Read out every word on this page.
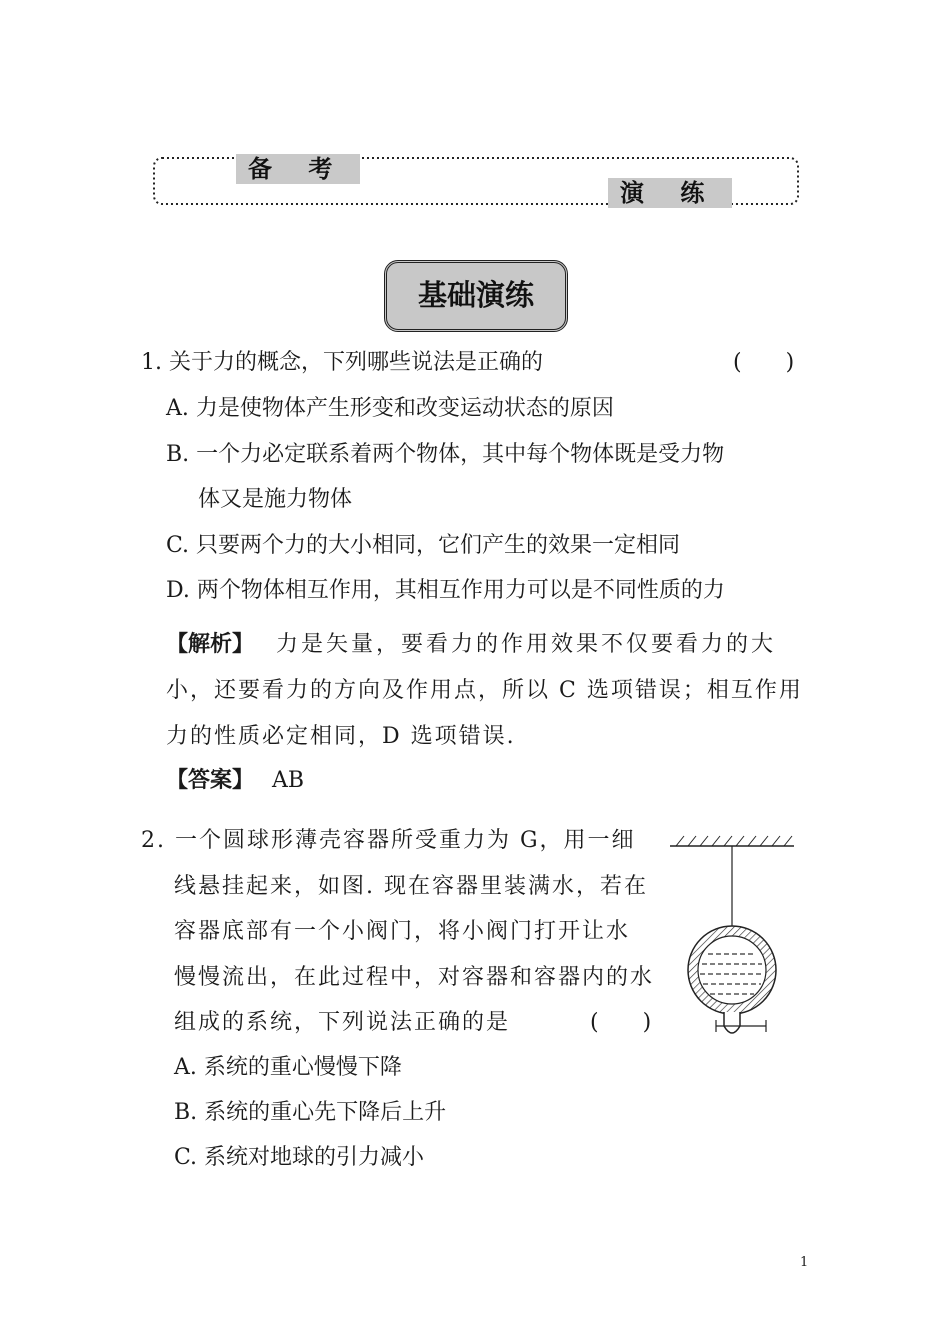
备 考
演 练
基础演练
1. 关于力的概念，下列哪些说法是正确的	(　　)
A. 力是使物体产生形变和改变运动状态的原因
B. 一个力必定联系着两个物体，其中每个物体既是受力物
体又是施力物体
C. 只要两个力的大小相同，它们产生的效果一定相同
D. 两个物体相互作用，其相互作用力可以是不同性质的力
【解析】 力是矢量，要看力的作用效果不仅要看力的大
小，还要看力的方向及作用点，所以 C 选项错误；相互作用
力的性质必定相同，D 选项错误.
【答案】 AB
2. 一个圆球形薄壳容器所受重力为 G，用一细
线悬挂起来，如图. 现在容器里装满水，若在
容器底部有一个小阀门，将小阀门打开让水
慢慢流出，在此过程中，对容器和容器内的水
组成的系统，下列说法正确的是	(　　)
A. 系统的重心慢慢下降
B. 系统的重心先下降后上升
C. 系统对地球的引力减小
1
